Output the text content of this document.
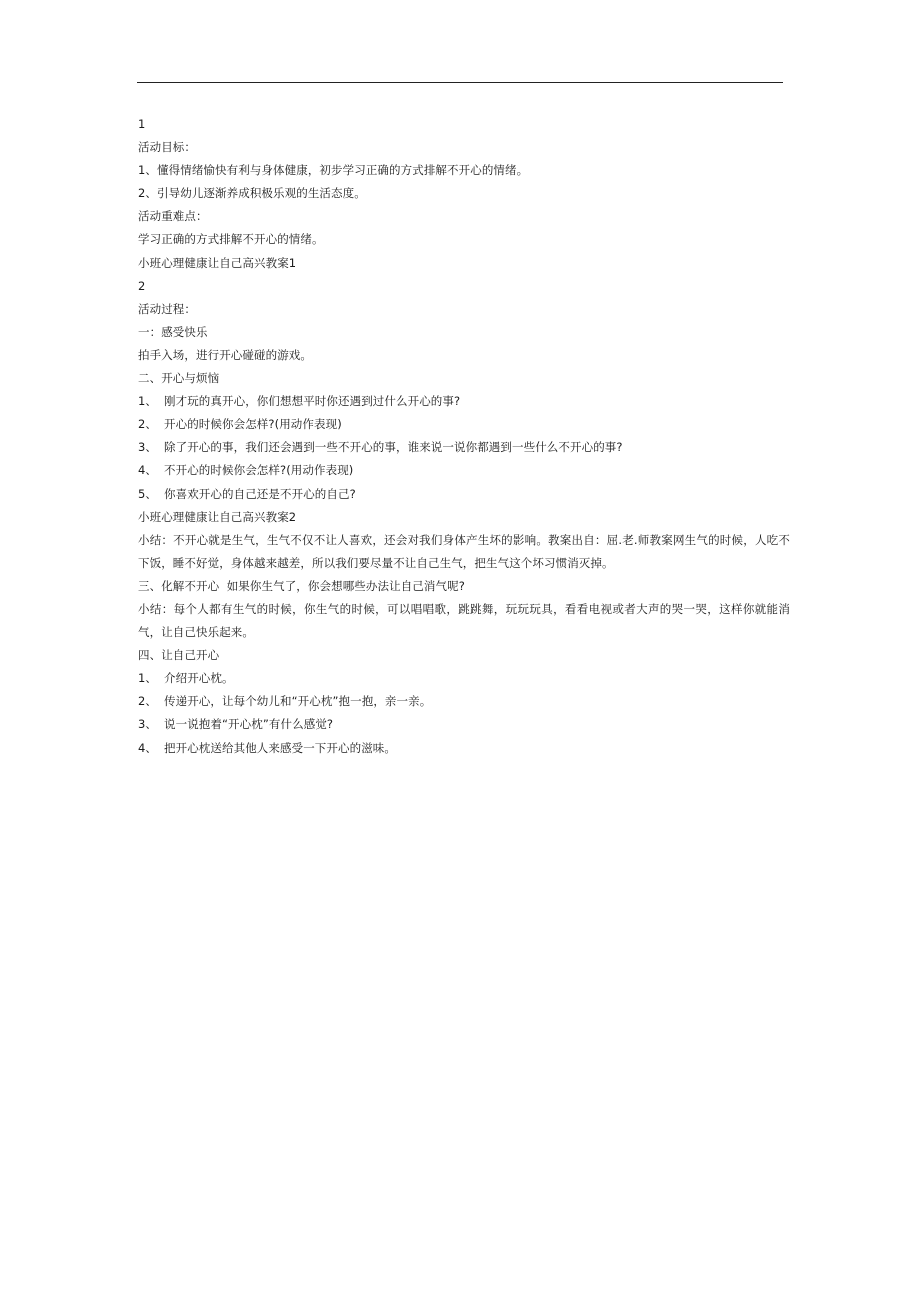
1
活动目标：
1、懂得情绪愉快有利与身体健康，初步学习正确的方式排解不开心的情绪。
2、引导幼儿逐渐养成积极乐观的生活态度。
活动重难点：
学习正确的方式排解不开心的情绪。
小班心理健康让自己高兴教案1
2
活动过程：
一：感受快乐
拍手入场，进行开心碰碰的游戏。
二、开心与烦恼
1、 刚才玩的真开心，你们想想平时你还遇到过什么开心的事?
2、 开心的时候你会怎样?(用动作表现)
3、 除了开心的事，我们还会遇到一些不开心的事，谁来说一说你都遇到一些什么不开心的事?
4、 不开心的时候你会怎样?(用动作表现)
5、 你喜欢开心的自己还是不开心的自己?
小班心理健康让自己高兴教案2
小结：不开心就是生气，生气不仅不让人喜欢，还会对我们身体产生坏的影响。教案出自：屈.老.师教案网生气的时候，人吃不下饭，睡不好觉，身体越来越差，所以我们要尽量不让自己生气，把生气这个坏习惯消灭掉。
三、化解不开心  如果你生气了，你会想哪些办法让自己消气呢?
小结：每个人都有生气的时候，你生气的时候，可以唱唱歌，跳跳舞，玩玩玩具，看看电视或者大声的哭一哭，这样你就能消气，让自己快乐起来。
四、让自己开心
1、 介绍开心枕。
2、 传递开心，让每个幼儿和“开心枕”抱一抱，亲一亲。
3、 说一说抱着“开心枕”有什么感觉?
4、 把开心枕送给其他人来感受一下开心的滋味。
